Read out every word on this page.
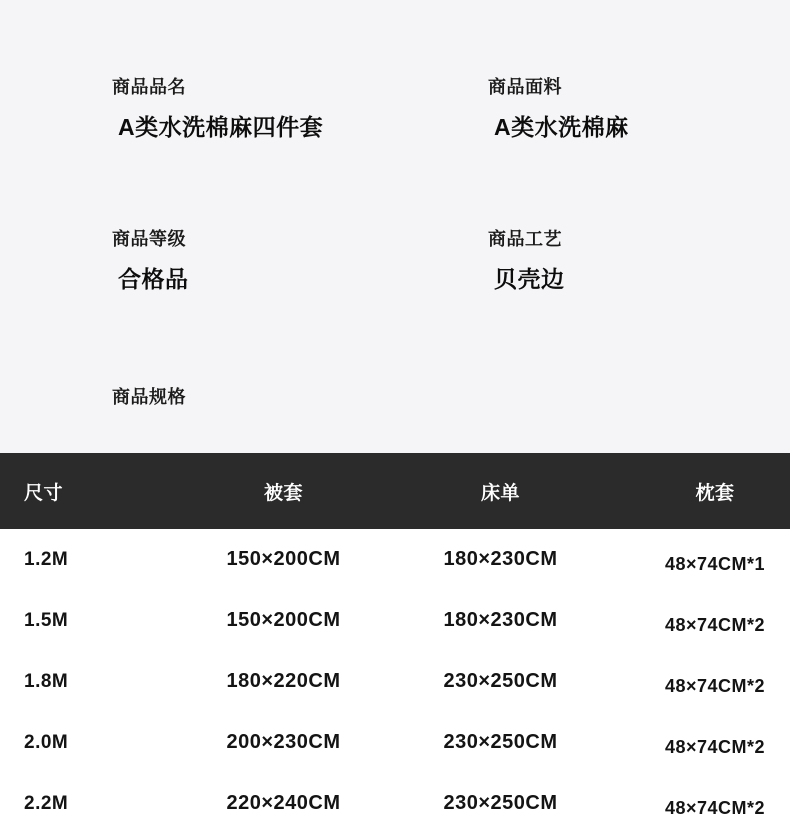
商品品名
A类水洗棉麻四件套
商品面料
A类水洗棉麻
商品等级
合格品
商品工艺
贝壳边
商品规格
尺寸	被套	床单	枕套
1.2M	150×200CM	180×230CM	48×74CM*1
1.5M	150×200CM	180×230CM	48×74CM*2
1.8M	180×220CM	230×250CM	48×74CM*2
2.0M	200×230CM	230×250CM	48×74CM*2
2.2M	220×240CM	230×250CM	48×74CM*2
